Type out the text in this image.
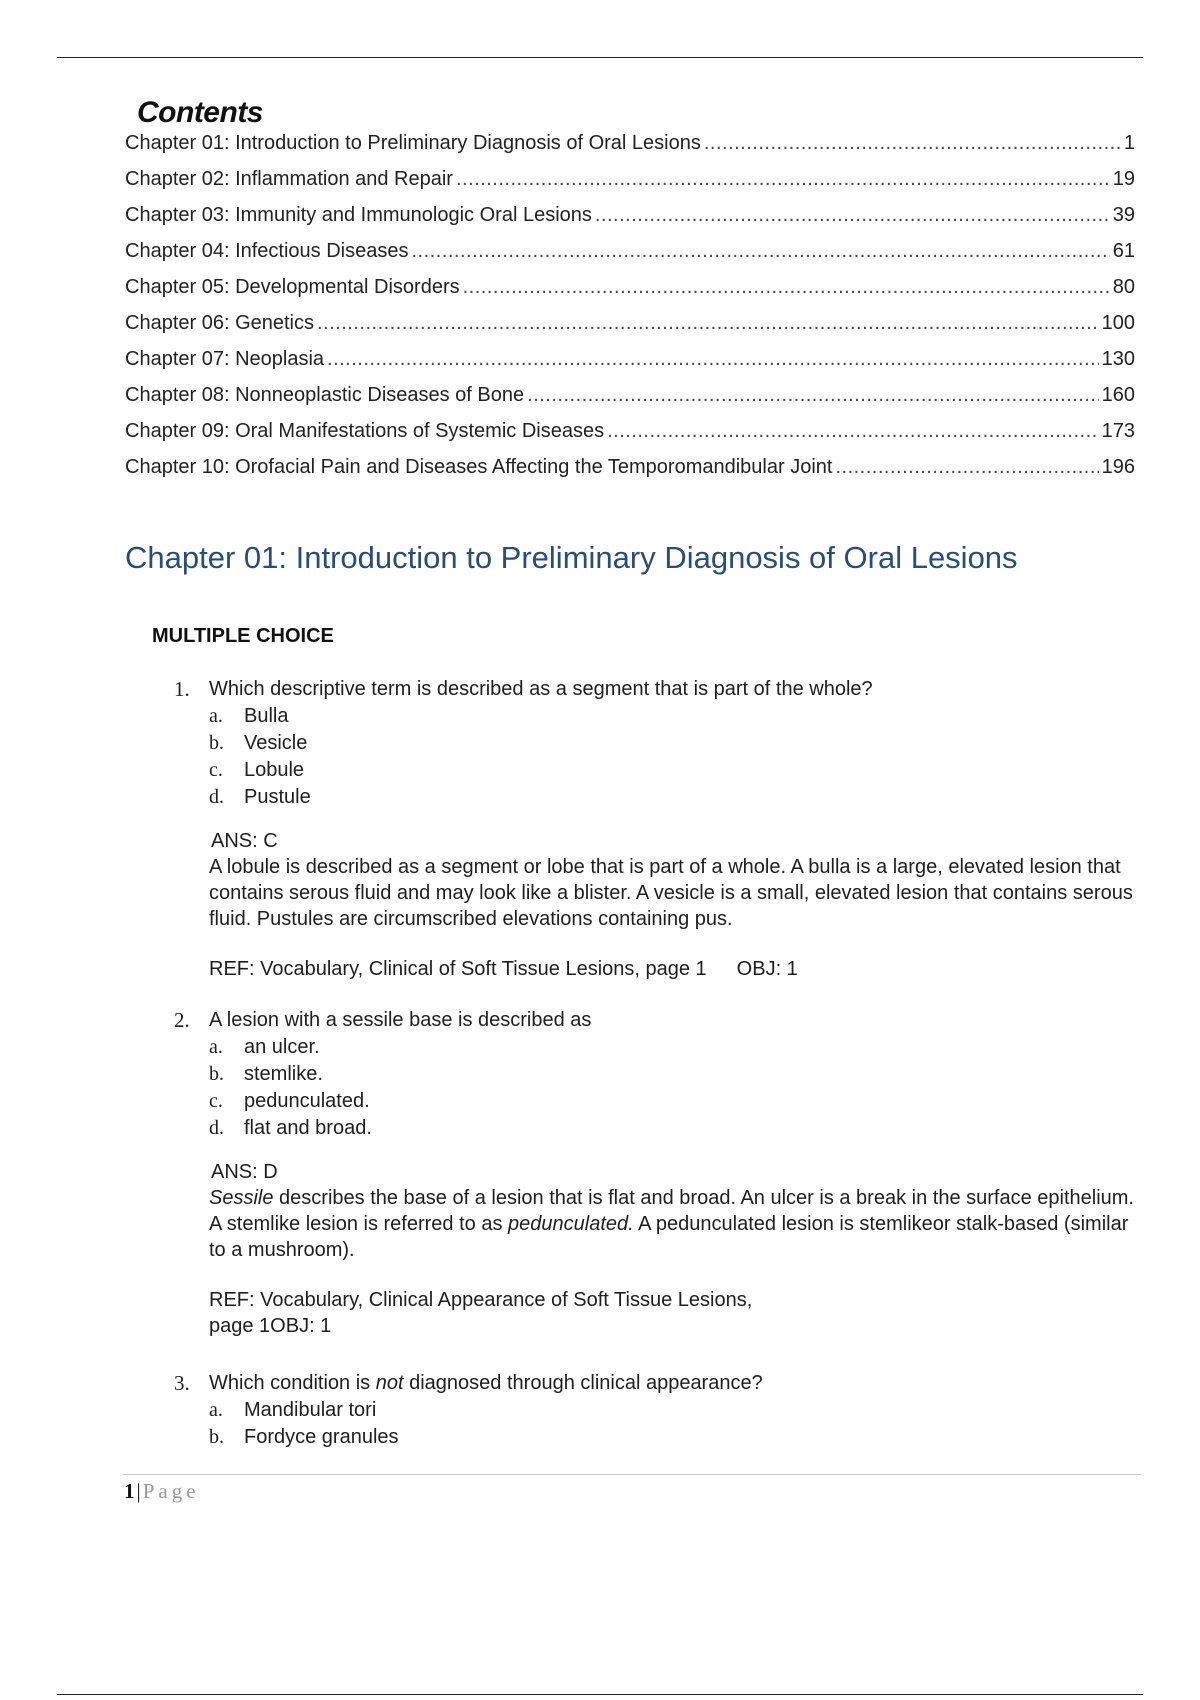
Contents
Chapter 01: Introduction to Preliminary Diagnosis of Oral Lesions .....	1
Chapter 02: Inflammation and Repair .....	19
Chapter 03: Immunity and Immunologic Oral Lesions .....	39
Chapter 04: Infectious Diseases .....	61
Chapter 05: Developmental Disorders .....	80
Chapter 06: Genetics .....	100
Chapter 07: Neoplasia .....	130
Chapter 08: Nonneoplastic Diseases of Bone .....	160
Chapter 09: Oral Manifestations of Systemic Diseases .....	173
Chapter 10: Orofacial Pain and Diseases Affecting the Temporomandibular Joint .....	196
Chapter 01: Introduction to Preliminary Diagnosis of Oral Lesions
MULTIPLE CHOICE
1. Which descriptive term is described as a segment that is part of the whole?
a. Bulla
b. Vesicle
c. Lobule
d. Pustule
ANS: C
A lobule is described as a segment or lobe that is part of a whole. A bulla is a large, elevated lesion that contains serous fluid and may look like a blister. A vesicle is a small, elevated lesion that contains serous fluid. Pustules are circumscribed elevations containing pus.
REF: Vocabulary, Clinical of Soft Tissue Lesions, page 1 OBJ: 1
2. A lesion with a sessile base is described as
a. an ulcer.
b. stemlike.
c. pedunculated.
d. flat and broad.
ANS: D
Sessile describes the base of a lesion that is flat and broad. An ulcer is a break in the surface epithelium. A stemlike lesion is referred to as pedunculated. A pedunculated lesion is stemlikeor stalk-based (similar to a mushroom).
REF: Vocabulary, Clinical Appearance of Soft Tissue Lesions,
page 1OBJ: 1
3. Which condition is not diagnosed through clinical appearance?
a. Mandibular tori
b. Fordyce granules
1|Page
